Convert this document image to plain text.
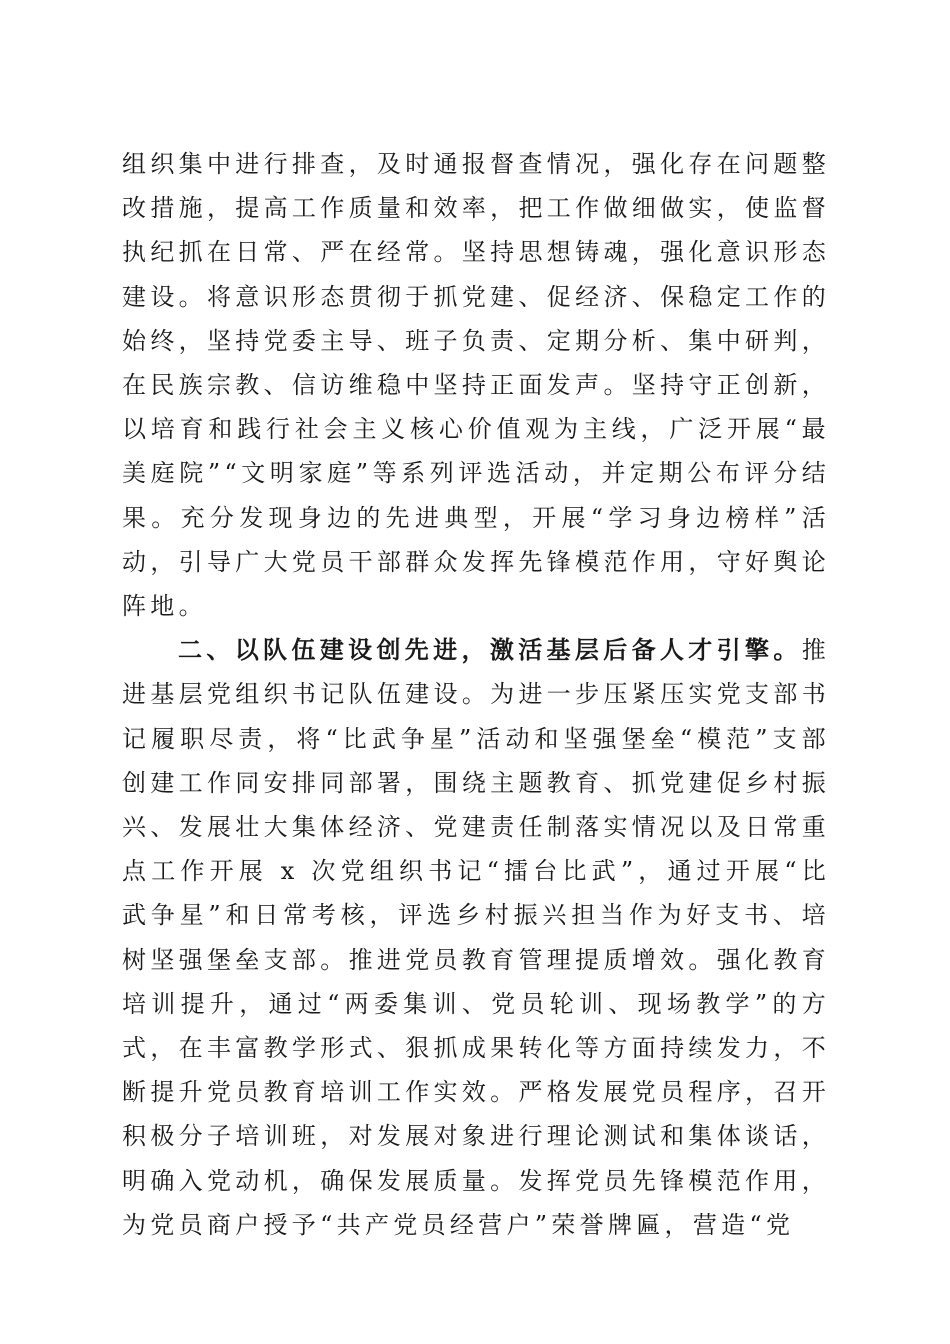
组织集中进行排查，及时通报督查情况，强化存在问题整改措施，提高工作质量和效率，把工作做细做实，使监督执纪抓在日常、严在经常。坚持思想铸魂，强化意识形态建设。将意识形态贯彻于抓党建、促经济、保稳定工作的始终，坚持党委主导、班子负责、定期分析、集中研判，在民族宗教、信访维稳中坚持正面发声。坚持守正创新，以培育和践行社会主义核心价值观为主线，广泛开展“最美庭院”“文明家庭”等系列评选活动，并定期公布评分结果。充分发现身边的先进典型，开展“学习身边榜样”活动，引导广大党员干部群众发挥先锋模范作用，守好舆论阵地。

二、以队伍建设创先进，激活基层后备人才引擎。推进基层党组织书记队伍建设。为进一步压紧压实党支部书记履职尽责，将“比武争星”活动和坚强堡垒“模范”支部创建工作同安排同部署，围绕主题教育、抓党建促乡村振兴、发展壮大集体经济、党建责任制落实情况以及日常重点工作开展 x 次党组织书记“擂台比武”，通过开展“比武争星”和日常考核，评选乡村振兴担当作为好支书、培树坚强堡垒支部。推进党员教育管理提质增效。强化教育培训提升，通过“两委集训、党员轮训、现场教学”的方式，在丰富教学形式、狠抓成果转化等方面持续发力，不断提升党员教育培训工作实效。严格发展党员程序，召开积极分子培训班，对发展对象进行理论测试和集体谈话，明确入党动机，确保发展质量。发挥党员先锋模范作用，为党员商户授予“共产党员经营户”荣誉牌匾，营造“党
